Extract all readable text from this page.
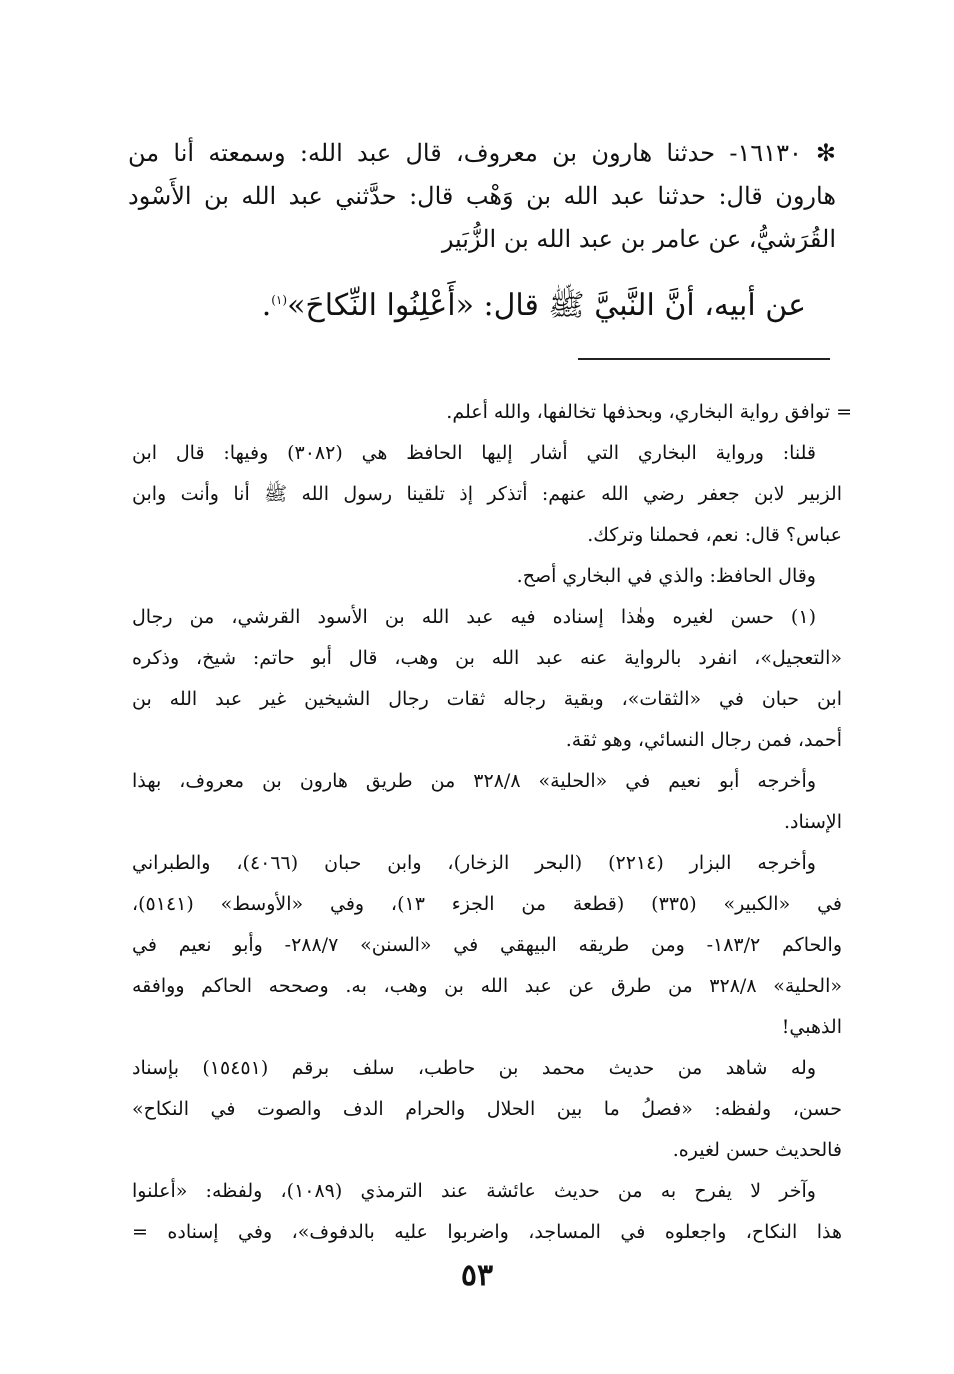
✻١٦١٣٠- حدثنا هارون بن معروف، قال عبد الله: وسمعته أنا من

هارون قال: حدثنا عبد الله بن وَهْب قال: حدَّثني عبد الله بن الأَسْود

القُرَشيُّ، عن عامر بن عبد الله بن الزُّبَير

عن أبيه، أنَّ النَّبيَّ ﷺ قال: «أَعْلِنُوا النِّكاحَ»$^{(١)}$.

= توافق رواية البخاري، وبحذفها تخالفها، والله أعلم.

قلنا: ورواية البخاري التي أشار إليها الحافظ هي (٣٠٨٢) وفيها: قال ابن

الزبير لابن جعفر رضي الله عنهم: أتذكر إذ تلقينا رسول الله ﷺ أنا وأنت وابن

عباس؟ قال: نعم، فحملنا وتركك.

وقال الحافظ: والذي في البخاري أصح.

(١) حسن لغيره وهٰذا إسناده فيه عبد الله بن الأسود القرشي، من رجال

«التعجيل»، انفرد بالرواية عنه عبد الله بن وهب، قال أبو حاتم: شيخ، وذكره

ابن حبان في «الثقات»، وبقية رجاله ثقات رجال الشيخين غير عبد الله بن

أحمد، فمن رجال النسائي، وهو ثقة.

وأخرجه أبو نعيم في «الحلية» ٣٢٨/٨ من طريق هارون بن معروف، بهذا

الإسناد.

وأخرجه البزار (٢٢١٤) (البحر الزخار)، وابن حبان (٤٠٦٦)، والطبراني

في «الكبير» (٣٣٥) (قطعة من الجزء ١٣)، وفي «الأوسط» (٥١٤١)،

والحاكم ١٨٣/٢- ومن طريقه البيهقي في «السنن» ٢٨٨/٧- وأبو نعيم في

«الحلية» ٣٢٨/٨ من طرق عن عبد الله بن وهب، به. وصححه الحاكم ووافقه

الذهبي!

وله شاهد من حديث محمد بن حاطب، سلف برقم (١٥٤٥١) بإسناد

حسن، ولفظه: «فصلُ ما بين الحلال والحرام الدف والصوت في النكاح»

فالحديث حسن لغيره.

وآخر لا يفرح به من حديث عائشة عند الترمذي (١٠٨٩)، ولفظه: «أعلنوا

هذا النكاح، واجعلوه في المساجد، واضربوا عليه بالدفوف»، وفي إسناده =

٥٣
